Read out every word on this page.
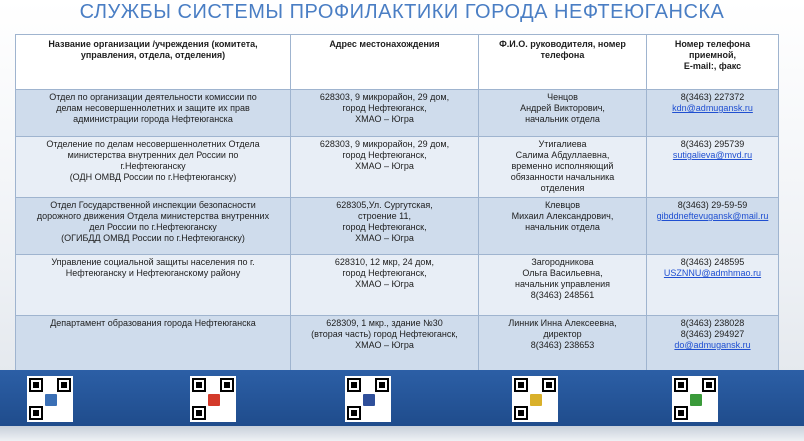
СЛУЖБЫ СИСТЕМЫ ПРОФИЛАКТИКИ ГОРОДА НЕФТЕЮГАНСКА
Название организации /учреждения (комитета,
управления, отдела, отделения)	Адрес местонахождения	Ф.И.О. руководителя, номер
телефона	Номер телефона
приемной,
E-mail:, факс

Отдел по организации деятельности комиссии по
делам несовершеннолетних и защите их прав
администрации города Нефтеюганска	628303, 9 микрорайон, 29 дом,
город Нефтеюганск,
ХМАО – Югра	Ченцов
Андрей Викторович,
начальник отдела	8(3463) 227372
kdn@admugansk.ru

Отделение по делам несовершеннолетних Отдела
министерства внутренних дел России по
г.Нефтеюганску
(ОДН ОМВД России по г.Нефтеюганску)	628303, 9 микрорайон, 29 дом,
город Нефтеюганск,
ХМАО – Югра	Утигалиева
Салима Абдуллаевна,
временно исполняющий
обязанности начальника
отделения	8(3463) 295739
sutigalieva@mvd.ru

Отдел Государственной инспекции безопасности
дорожного движения Отдела министерства внутренних
дел России по г.Нефтеюганску
(ОГИБДД ОМВД России по г.Нефтеюганску)	628305,Ул. Сургутская,
строение 11,
город Нефтеюганск,
ХМАО – Югра	Клевцов
Михаил Александрович,
начальник отдела	8(3463) 29-59-59
gibddneftevugansk@mail.ru

Управление социальной защиты населения по г.
Нефтеюганску и Нефтеюганскому району	628310, 12 мкр, 24 дом,
город Нефтеюганск,
ХМАО – Югра	Загородникова
Ольга Васильевна,
начальник управления
8(3463) 248561	8(3463) 248595
USZNNU@admhmao.ru

Департамент образования города Нефтеюганска	628309, 1 мкр., здание №30
(вторая часть) город Нефтеюганск,
ХМАО – Югра	Линник Инна Алексеевна,
директор
8(3463) 238653	8(3463) 238028
8(3463) 294927
do@admugansk.ru
